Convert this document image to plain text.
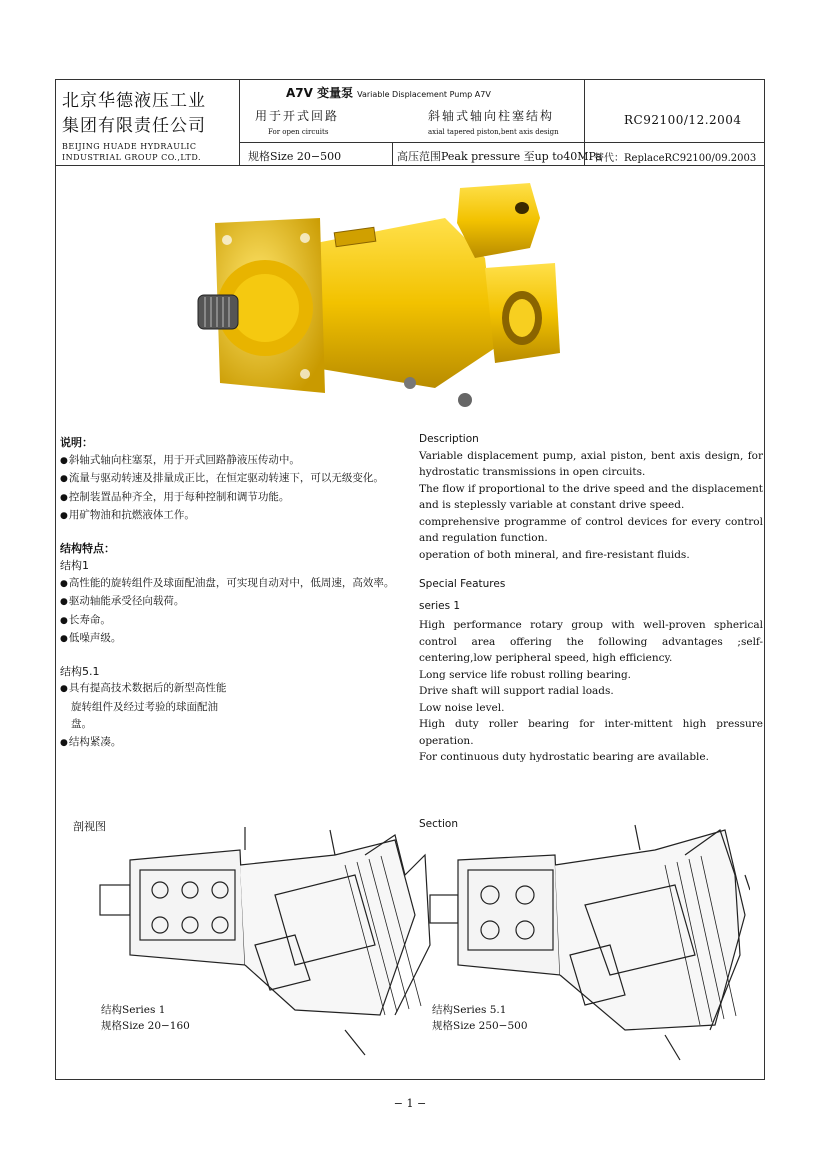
北京华德液压工业
集团有限责任公司
BEIJING HUADE HYDRAULIC
INDUSTRIAL GROUP CO.,LTD.
A7V 变量泵 Variable Displacement Pump A7V
用于开式回路
For open circuits
斜轴式轴向柱塞结构
axial tapered piston,bent axis design
RC92100/12.2004
规格Size 20−500	高压范围Peak pressure 至up to40MPa
替代：ReplaceRC92100/09.2003
说明：
● 斜轴式轴向柱塞泵，用于开式回路静液压传动中。
● 流量与驱动转速及排量成正比，在恒定驱动转速下，可以无级变化。
● 控制装置品种齐全，用于每种控制和调节功能。
● 用矿物油和抗燃液体工作。
结构特点：
结构1
● 高性能的旋转组件及球面配油盘，可实现自动对中，低周速，高效率。
● 驱动轴能承受径向载荷。
● 长寿命。
● 低噪声级。
结构5.1
● 具有提高技术数据后的新型高性能
旋转组件及经过考验的球面配油
盘。
● 结构紧凑。
Description
Variable displacement pump, axial piston, bent axis design, for hydrostatic transmissions in open circuits.
The flow if proportional to the drive speed and the displacement and is steplessly variable at constant drive speed.
comprehensive programme of control devices for every control and regulation function.
operation of both mineral, and fire-resistant fluids.
Special Features
series 1
High performance rotary group with well-proven spherical control area offering the following advantages ;self-centering,low peripheral speed, high efficiency.
Long service life robust rolling bearing.
Drive shaft will support radial loads.
Low noise level.
High duty roller bearing for inter-mittent high pressure operation.
For continuous duty hydrostatic bearing are available.
剖视图	Section
结构Series 1
规格Size 20−160
结构Series 5.1
规格Size 250−500
− 1 −
